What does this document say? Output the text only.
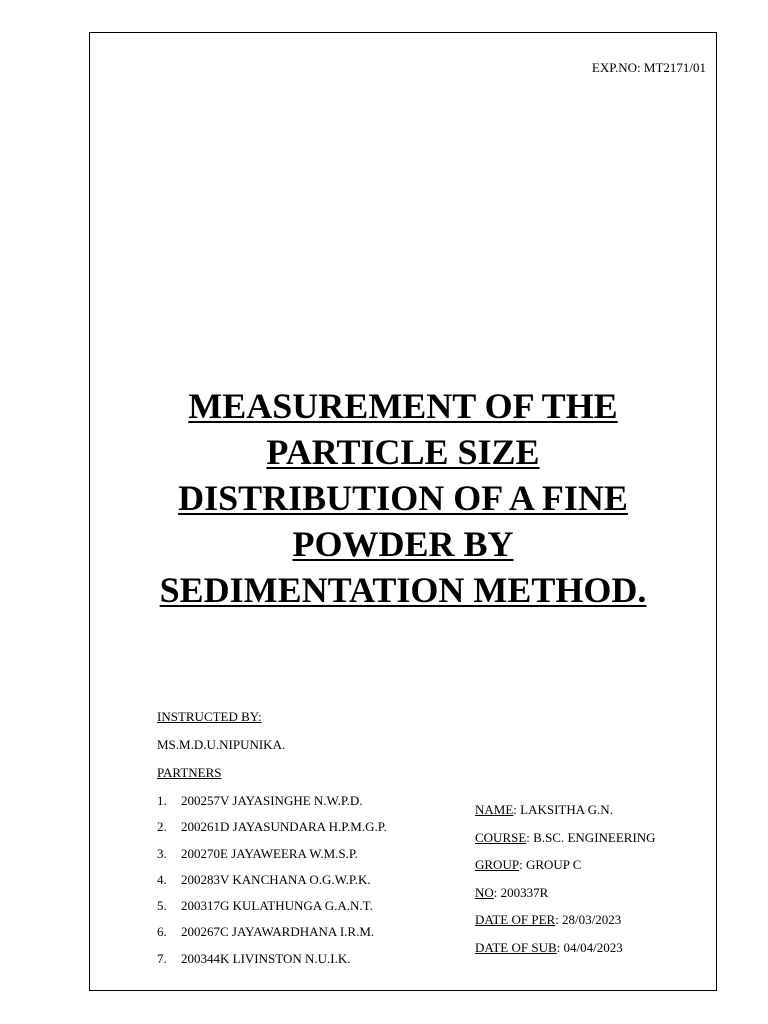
EXP.NO: MT2171/01
MEASUREMENT OF THE
PARTICLE SIZE
DISTRIBUTION OF A FINE
POWDER BY
SEDIMENTATION METHOD.
INSTRUCTED BY:
MS.M.D.U.NIPUNIKA.
PARTNERS
1. 200257V JAYASINGHE N.W.P.D.
2. 200261D JAYASUNDARA H.P.M.G.P.
3. 200270E JAYAWEERA W.M.S.P.
4. 200283V KANCHANA O.G.W.P.K.
5. 200317G KULATHUNGA G.A.N.T.
6. 200267C JAYAWARDHANA I.R.M.
7. 200344K LIVINSTON N.U.I.K.
NAME: LAKSITHA G.N.
COURSE: B.SC. ENGINEERING
GROUP: GROUP C
NO: 200337R
DATE OF PER: 28/03/2023
DATE OF SUB: 04/04/2023
